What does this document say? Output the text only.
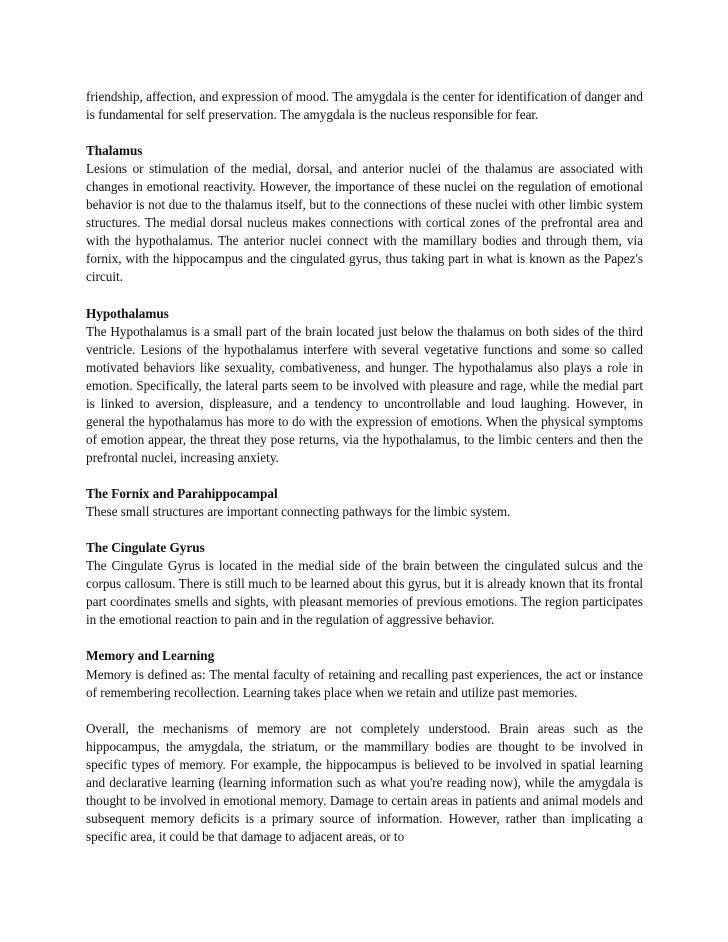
friendship, affection, and expression of mood. The amygdala is the center for identification of danger and is fundamental for self preservation. The amygdala is the nucleus responsible for fear.

Thalamus

Lesions or stimulation of the medial, dorsal, and anterior nuclei of the thalamus are associated with changes in emotional reactivity. However, the importance of these nuclei on the regulation of emotional behavior is not due to the thalamus itself, but to the connections of these nuclei with other limbic system structures. The medial dorsal nucleus makes connections with cortical zones of the prefrontal area and with the hypothalamus. The anterior nuclei connect with the mamillary bodies and through them, via fornix, with the hippocampus and the cingulated gyrus, thus taking part in what is known as the Papez's circuit.

Hypothalamus

The Hypothalamus is a small part of the brain located just below the thalamus on both sides of the third ventricle. Lesions of the hypothalamus interfere with several vegetative functions and some so called motivated behaviors like sexuality, combativeness, and hunger. The hypothalamus also plays a role in emotion. Specifically, the lateral parts seem to be involved with pleasure and rage, while the medial part is linked to aversion, displeasure, and a tendency to uncontrollable and loud laughing. However, in general the hypothalamus has more to do with the expression of emotions. When the physical symptoms of emotion appear, the threat they pose returns, via the hypothalamus, to the limbic centers and then the prefrontal nuclei, increasing anxiety.

The Fornix and Parahippocampal

These small structures are important connecting pathways for the limbic system.

The Cingulate Gyrus

The Cingulate Gyrus is located in the medial side of the brain between the cingulated sulcus and the corpus callosum. There is still much to be learned about this gyrus, but it is already known that its frontal part coordinates smells and sights, with pleasant memories of previous emotions. The region participates in the emotional reaction to pain and in the regulation of aggressive behavior.

Memory and Learning

Memory is defined as: The mental faculty of retaining and recalling past experiences, the act or instance of remembering recollection. Learning takes place when we retain and utilize past memories.

Overall, the mechanisms of memory are not completely understood. Brain areas such as the hippocampus, the amygdala, the striatum, or the mammillary bodies are thought to be involved in specific types of memory. For example, the hippocampus is believed to be involved in spatial learning and declarative learning (learning information such as what you're reading now), while the amygdala is thought to be involved in emotional memory. Damage to certain areas in patients and animal models and subsequent memory deficits is a primary source of information. However, rather than implicating a specific area, it could be that damage to adjacent areas, or to
